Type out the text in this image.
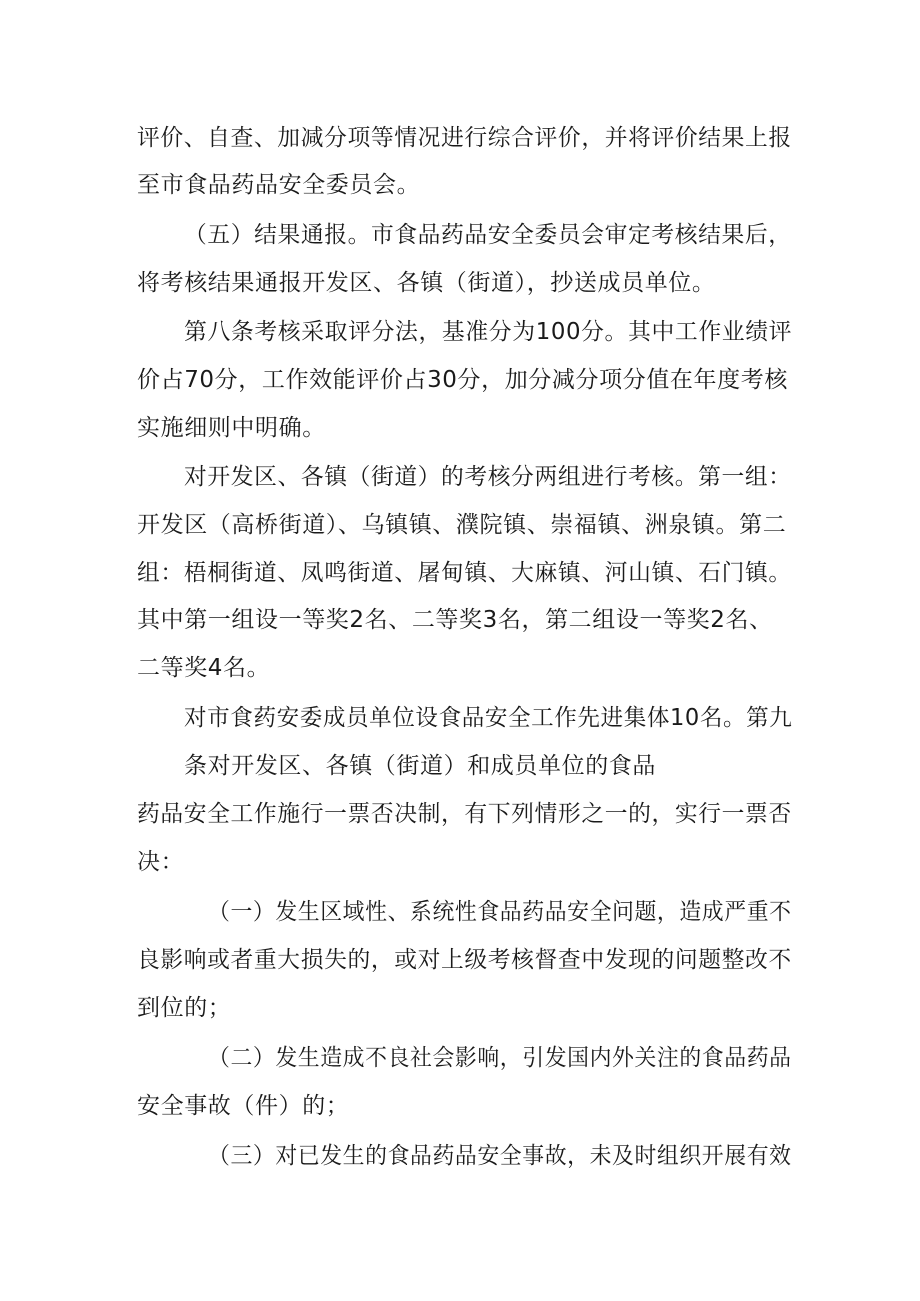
评价、自查、加减分项等情况进行综合评价，并将评价结果上报
至市食品药品安全委员会。
（五）结果通报。市食品药品安全委员会审定考核结果后，
将考核结果通报开发区、各镇（街道），抄送成员单位。
第八条考核采取评分法，基准分为100分。其中工作业绩评
价占70分，工作效能评价占30分，加分减分项分值在年度考核
实施细则中明确。
对开发区、各镇（街道）的考核分两组进行考核。第一组：
开发区（高桥街道）、乌镇镇、濮院镇、崇福镇、洲泉镇。第二
组：梧桐街道、凤鸣街道、屠甸镇、大麻镇、河山镇、石门镇。
其中第一组设一等奖2名、二等奖3名，第二组设一等奖2名、
二等奖4名。
对市食药安委成员单位设食品安全工作先进集体10名。第九
条对开发区、各镇（街道）和成员单位的食品
药品安全工作施行一票否决制，有下列情形之一的，实行一票否
决：
（一）发生区域性、系统性食品药品安全问题，造成严重不
良影响或者重大损失的，或对上级考核督查中发现的问题整改不
到位的；
（二）发生造成不良社会影响，引发国内外关注的食品药品
安全事故（件）的；
（三）对已发生的食品药品安全事故，未及时组织开展有效
